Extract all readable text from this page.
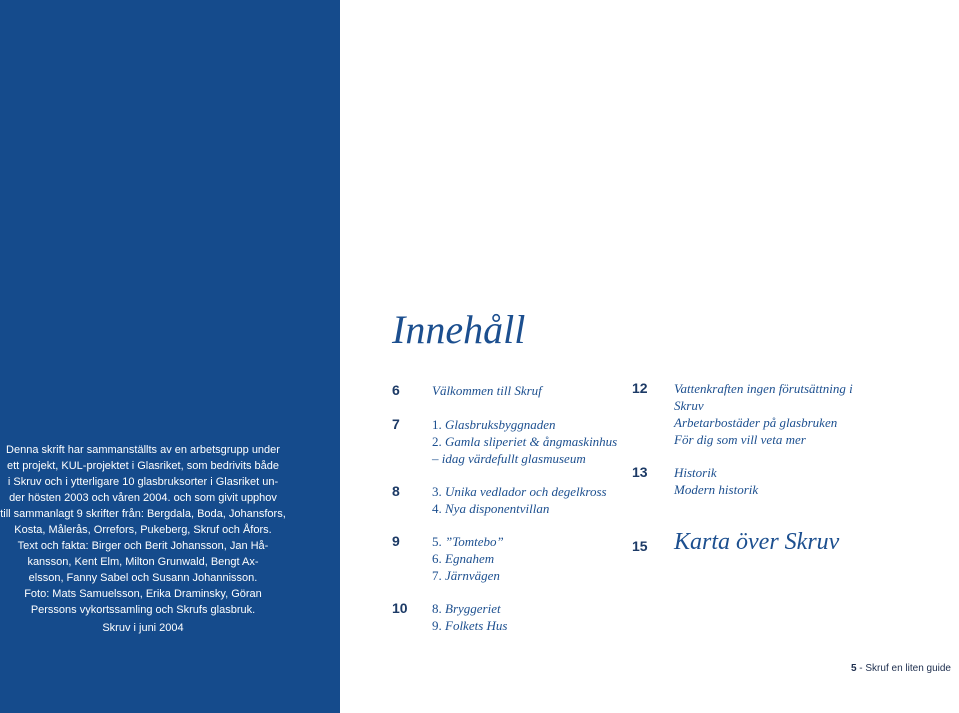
Denna skrift har sammanställts av en arbetsgrupp under

ett projekt, KUL-projektet i Glasriket, som bedrivits både

i Skruv och i ytterligare 10 glasbruksorter i Glasriket un-

der hösten 2003 och våren 2004. och som givit upphov

till sammanlagt 9 skrifter från: Bergdala, Boda, Johansfors,

Kosta, Målerås, Orrefors, Pukeberg, Skruf och Åfors.

Text och fakta: Birger och Berit Johansson, Jan Hå-

kansson, Kent Elm, Milton Grunwald, Bengt Ax-

elsson, Fanny Sabel och Susann Johannisson.

Foto: Mats Samuelsson, Erika Draminsky, Göran

Perssons vykortssamling och Skrufs glasbruk.

Skruv i juni 2004

Innehåll
6 Välkommen till Skruf
7 1. Glasbruksbyggnaden
2. Gamla sliperiet & ångmaskinhus
– idag värdefullt glasmuseum
8 3. Unika vedlador och degelkross
4. Nya disponentvillan
9 5. ”Tomtebo”
6. Egnahem
7. Järnvägen
10 8. Bryggeriet
9. Folkets Hus
12 Vattenkraften ingen förutsättning i
Skruv
Arbetarbostäder på glasbruken
För dig som vill veta mer
13 Historik
Modern historik
15 Karta över Skruv
5 - Skruf en liten guide
